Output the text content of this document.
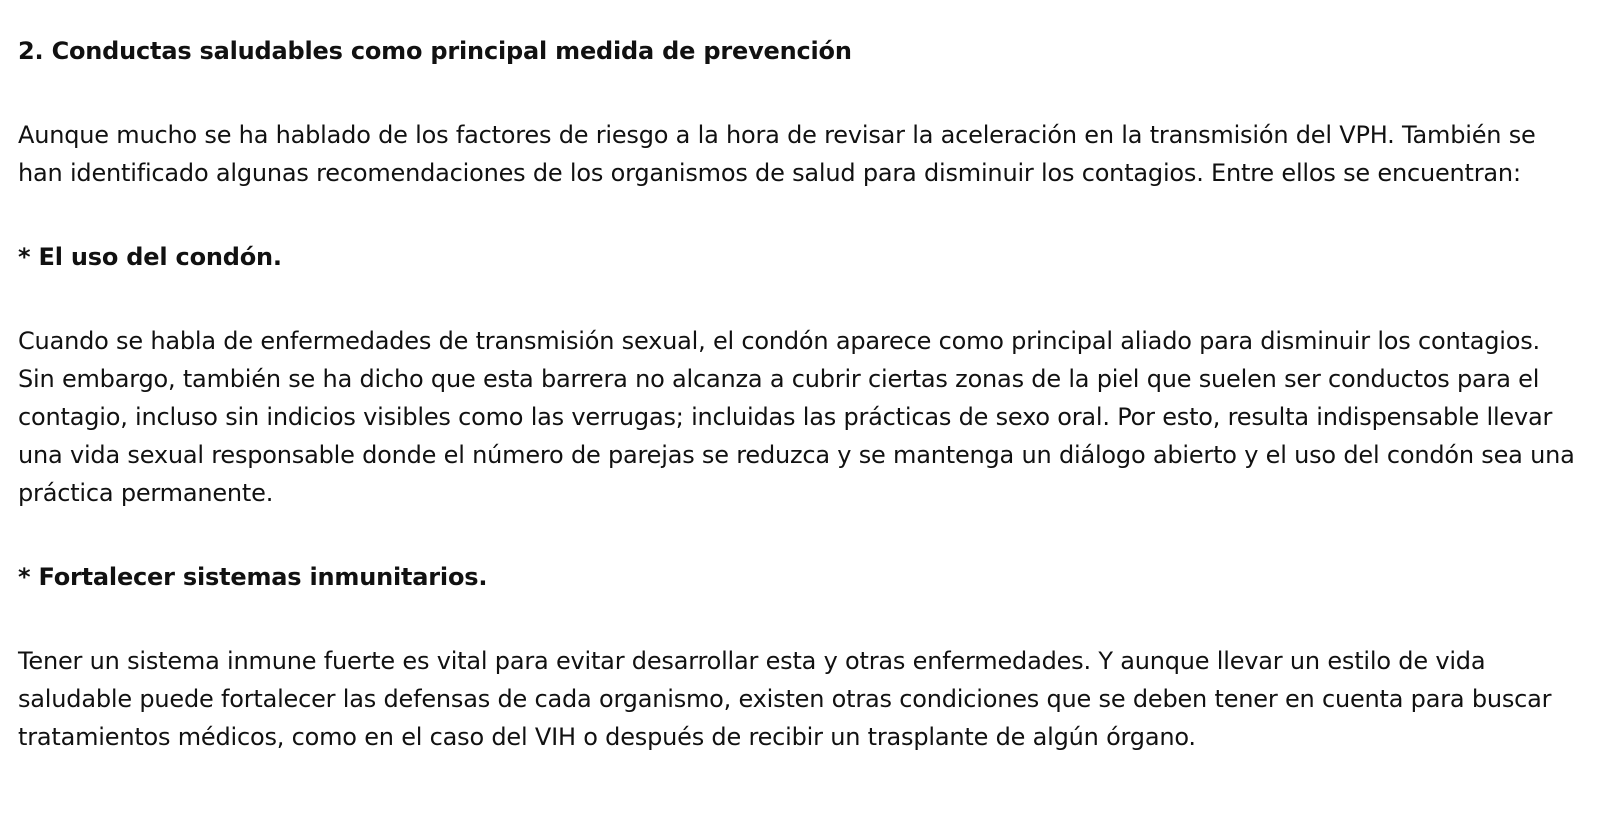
2. Conductas saludables como principal medida de prevención

Aunque mucho se ha hablado de los factores de riesgo a la hora de revisar la aceleración en la transmisión del VPH. También se han identificado algunas recomendaciones de los organismos de salud para disminuir los contagios. Entre ellos se encuentran:

* El uso del condón.

Cuando se habla de enfermedades de transmisión sexual, el condón aparece como principal aliado para disminuir los contagios. Sin embargo, también se ha dicho que esta barrera no alcanza a cubrir ciertas zonas de la piel que suelen ser conductos para el contagio, incluso sin indicios visibles como las verrugas; incluidas las prácticas de sexo oral. Por esto, resulta indispensable llevar una vida sexual responsable donde el número de parejas se reduzca y se mantenga un diálogo abierto y el uso del condón sea una práctica permanente.

* Fortalecer sistemas inmunitarios.

Tener un sistema inmune fuerte es vital para evitar desarrollar esta y otras enfermedades. Y aunque llevar un estilo de vida saludable puede fortalecer las defensas de cada organismo, existen otras condiciones que se deben tener en cuenta para buscar tratamientos médicos, como en el caso del VIH o después de recibir un trasplante de algún órgano.
